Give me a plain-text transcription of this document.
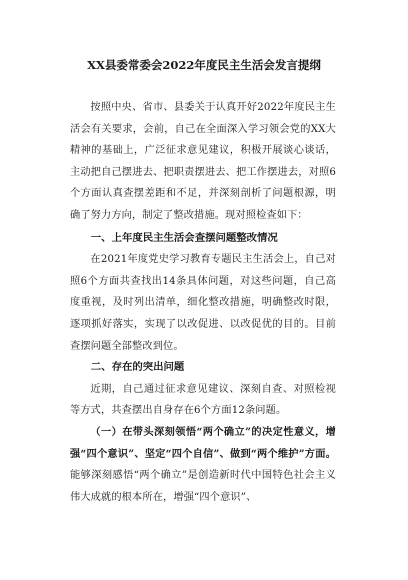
XX县委常委会2022年度民主生活会发言提纲

按照中央、省市、县委关于认真开好2022年度民主生活会有关要求，会前，自己在全面深入学习领会党的XX大精神的基础上，广泛征求意见建议，积极开展谈心谈话，主动把自己摆进去、把职责摆进去、把工作摆进去，对照6个方面认真查摆差距和不足，并深刻剖析了问题根源，明确了努力方向，制定了整改措施。现对照检查如下：

一、上年度民主生活会查摆问题整改情况

在2021年度党史学习教育专题民主生活会上，自己对照6个方面共查找出14条具体问题，对这些问题，自己高度重视，及时列出清单，细化整改措施，明确整改时限，逐项抓好落实，实现了以改促进、以改促优的目的。目前查摆问题全部整改到位。

二、存在的突出问题

近期，自己通过征求意见建议、深刻自查、对照检视等方式，共查摆出自身存在6个方面12条问题。

（一）在带头深刻领悟“两个确立”的决定性意义，增强“四个意识”、坚定“四个自信”、做到“两个维护”方面。能够深刻感悟“两个确立”是创造新时代中国特色社会主义伟大成就的根本所在，增强“四个意识”、
